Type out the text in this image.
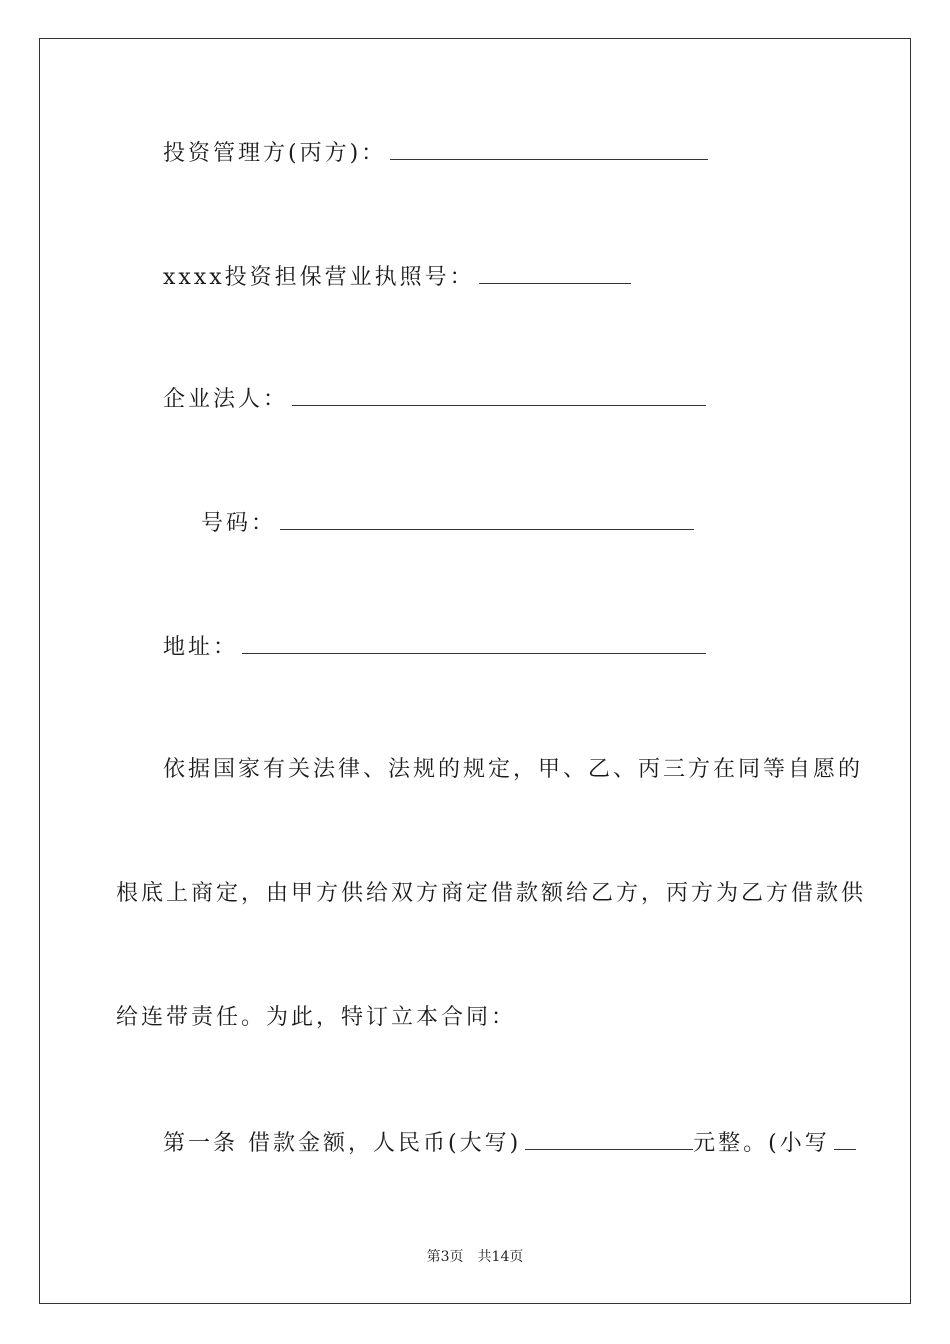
投资管理方(丙方)：
xxxx投资担保营业执照号：
企业法人：
号码：
地址：
依据国家有关法律、法规的规定，甲、乙、丙三方在同等自愿的
根底上商定，由甲方供给双方商定借款额给乙方，丙方为乙方借款供
给连带责任。为此，特订立本合同：
第一条 借款金额，人民币(大写)	元整。(小写
第3页 共14页
